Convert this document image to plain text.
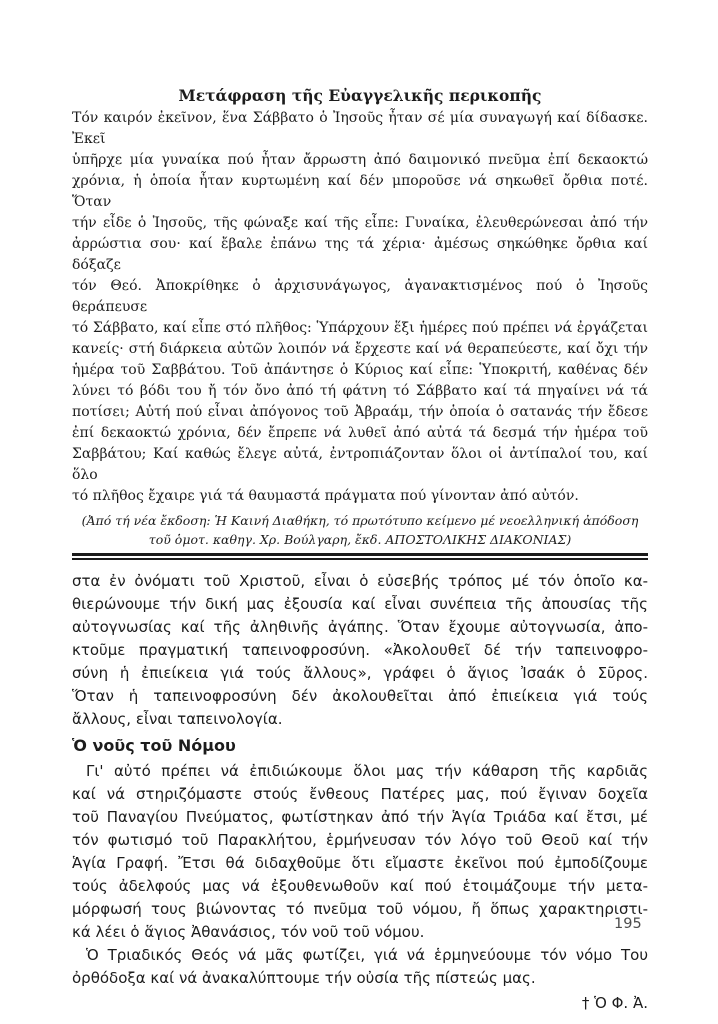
Μετάφραση τῆς Εὐαγγελικῆς περικοπῆς
Τόν καιρόν ἐκεῖνον, ἕνα Σάββατο ὁ Ἰησοῦς ἦταν σέ μία συναγωγή καί δίδασκε. Ἐκεῖ
ὑπῆρχε μία γυναίκα πού ἦταν ἄρρωστη ἀπό δαιμονικό πνεῦμα ἐπί δεκαοκτώ
χρόνια, ἡ ὁποία ἦταν κυρτωμένη καί δέν μποροῦσε νά σηκωθεῖ ὄρθια ποτέ. Ὅταν
τήν εἶδε ὁ Ἰησοῦς, τῆς φώναξε καί τῆς εἶπε: Γυναίκα, ἐλευθερώνεσαι ἀπό τήν
ἀρρώστια σου· καί ἔβαλε ἐπάνω της τά χέρια· ἀμέσως σηκώθηκε ὄρθια καί δόξαζε
τόν Θεό. Ἀποκρίθηκε ὁ ἀρχισυνάγωγος, ἀγανακτισμένος πού ὁ Ἰησοῦς θεράπευσε
τό Σάββατο, καί εἶπε στό πλῆθος: Ὑπάρχουν ἕξι ἡμέρες πού πρέπει νά ἐργάζεται
κανείς· στή διάρκεια αὐτῶν λοιπόν νά ἔρχεστε καί νά θεραπεύεστε, καί ὄχι τήν
ἡμέρα τοῦ Σαββάτου. Τοῦ ἀπάντησε ὁ Κύριος καί εἶπε: Ὑποκριτή, καθένας δέν
λύνει τό βόδι του ἤ τόν ὄνο ἀπό τή φάτνη τό Σάββατο καί τά πηγαίνει νά τά
ποτίσει; Αὐτή πού εἶναι ἀπόγονος τοῦ Ἀβραάμ, τήν ὁποία ὁ σατανάς τήν ἔδεσε
ἐπί δεκαοκτώ χρόνια, δέν ἔπρεπε νά λυθεῖ ἀπό αὐτά τά δεσμά τήν ἡμέρα τοῦ
Σαββάτου; Καί καθώς ἔλεγε αὐτά, ἐντροπιάζονταν ὅλοι οἱ ἀντίπαλοί του, καί ὅλο
τό πλῆθος ἔχαιρε γιά τά θαυμαστά πράγματα πού γίνονταν ἀπό αὐτόν.
(Ἀπό τή νέα ἔκδοση: Ἡ Καινή Διαθήκη, τό πρωτότυπο κείμενο μέ νεοελληνική ἀπόδοση
τοῦ ὁμοτ. καθηγ. Χρ. Βούλγαρη, ἔκδ. ΑΠΟΣΤΟΛΙΚΗΣ ΔΙΑΚΟΝΙΑΣ)
στα ἐν ὀνόματι τοῦ Χριστοῦ, εἶναι ὁ εὐσεβής τρόπος μέ τόν ὁποῖο κα-
θιερώνουμε τήν δική μας ἐξουσία καί εἶναι συνέπεια τῆς ἀπουσίας τῆς
αὐτογνωσίας καί τῆς ἀληθινῆς ἀγάπης. Ὅταν ἔχουμε αὐτογνωσία, ἀπο-
κτοῦμε πραγματική ταπεινοφροσύνη. «Ἀκολουθεῖ δέ τήν ταπεινοφρο-
σύνη ἡ ἐπιείκεια γιά τούς ἄλλους», γράφει ὁ ἅγιος Ἰσαάκ ὁ Σῦρος.
Ὅταν ἡ ταπεινοφροσύνη δέν ἀκολουθεῖται ἀπό ἐπιείκεια γιά τούς
ἄλλους, εἶναι ταπεινολογία.
Ὁ νοῦς τοῦ Νόμου
Γι' αὐτό πρέπει νά ἐπιδιώκουμε ὅλοι μας τήν κάθαρση τῆς καρδιᾶς
καί νά στηριζόμαστε στούς ἔνθεους Πατέρες μας, πού ἔγιναν δοχεῖα
τοῦ Παναγίου Πνεύματος, φωτίστηκαν ἀπό τήν Ἁγία Τριάδα καί ἔτσι, μέ
τόν φωτισμό τοῦ Παρακλήτου, ἑρμήνευσαν τόν λόγο τοῦ Θεοῦ καί τήν
Ἁγία Γραφή. Ἔτσι θά διδαχθοῦμε ὅτι εἴμαστε ἐκεῖνοι πού ἐμποδίζουμε
τούς ἀδελφούς μας νά ἐξουθενωθοῦν καί πού ἑτοιμάζουμε τήν μετα-
μόρφωσή τους βιώνοντας τό πνεῦμα τοῦ νόμου, ἤ ὅπως χαρακτηριστι-
κά λέει ὁ ἅγιος Ἀθανάσιος, τόν νοῦ τοῦ νόμου.
Ὁ Τριαδικός Θεός νά μᾶς φωτίζει, γιά νά ἑρμηνεύουμε τόν νόμο Του
ὀρθόδοξα καί νά ἀνακαλύπτουμε τήν οὐσία τῆς πίστεώς μας.
† Ὁ Φ. Ἀ.
195
